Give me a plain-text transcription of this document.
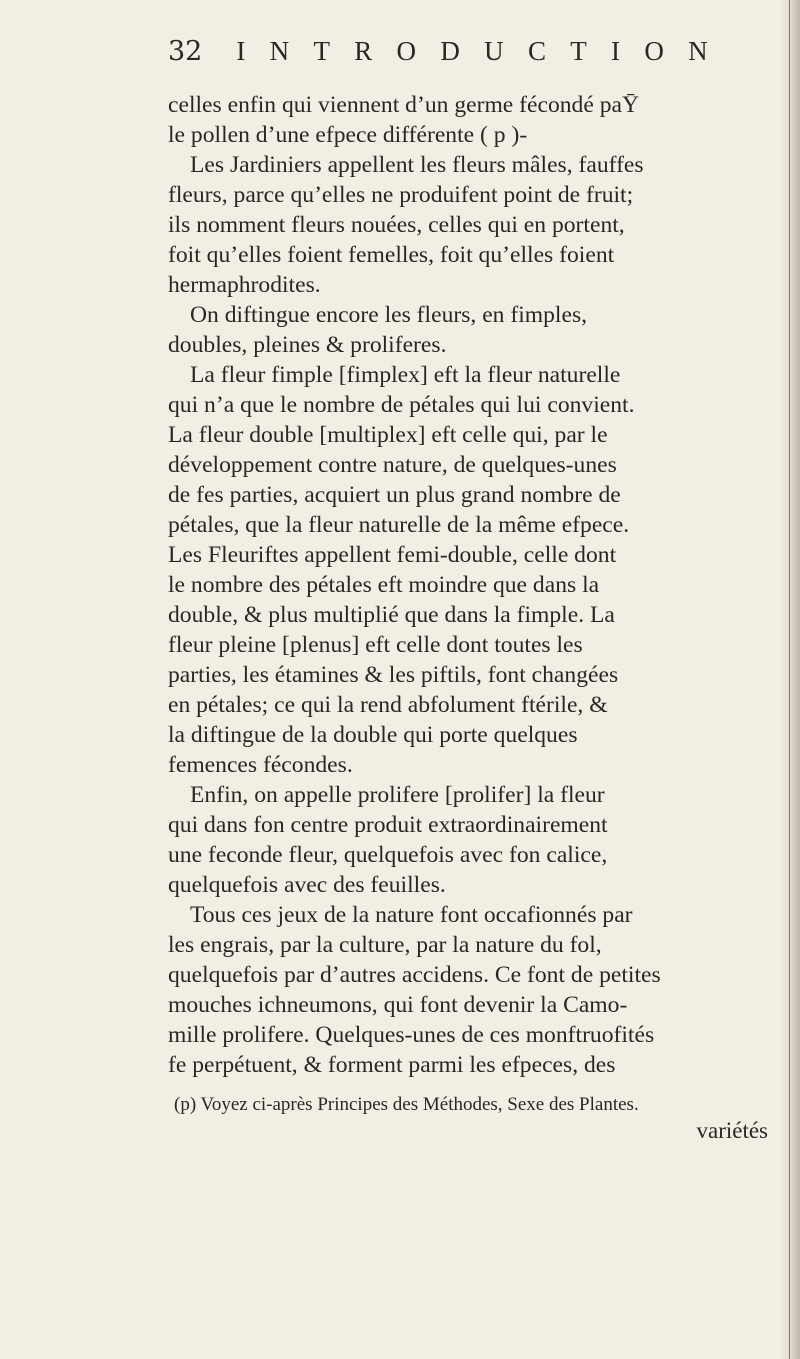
32 INTRODUCTION
celles enfin qui viennent d’un germe fécondé paȲ
le pollen d’une efpece différente ( p )-
Les Jardiniers appellent les fleurs mâles, fauffes
fleurs, parce qu’elles ne produifent point de fruit;
ils nomment fleurs nouées, celles qui en portent,
foit qu’elles foient femelles, foit qu’elles foient
hermaphrodites.
On diftingue encore les fleurs, en fimples,
doubles, pleines & proliferes.
La fleur fimple [fimplex] eft la fleur naturelle
qui n’a que le nombre de pétales qui lui convient.
La fleur double [multiplex] eft celle qui, par le
développement contre nature, de quelques-unes
de fes parties, acquiert un plus grand nombre de
pétales, que la fleur naturelle de la même efpece.
Les Fleuriftes appellent femi-double, celle dont
le nombre des pétales eft moindre que dans la
double, & plus multiplié que dans la fimple. La
fleur pleine [plenus] eft celle dont toutes les
parties, les étamines & les piftils, font changées
en pétales; ce qui la rend abfolument ftérile, &
la diftingue de la double qui porte quelques
femences fécondes.
Enfin, on appelle prolifere [prolifer] la fleur
qui dans fon centre produit extraordinairement
une feconde fleur, quelquefois avec fon calice,
quelquefois avec des feuilles.
Tous ces jeux de la nature font occafionnés par
les engrais, par la culture, par la nature du fol,
quelquefois par d’autres accidens. Ce font de petites
mouches ichneumons, qui font devenir la Camo-
mille prolifere. Quelques-unes de ces monftruofités
fe perpétuent, & forment parmi les efpeces, des
(p) Voyez ci-après Principes des Méthodes, Sexe des Plantes.
variétés
